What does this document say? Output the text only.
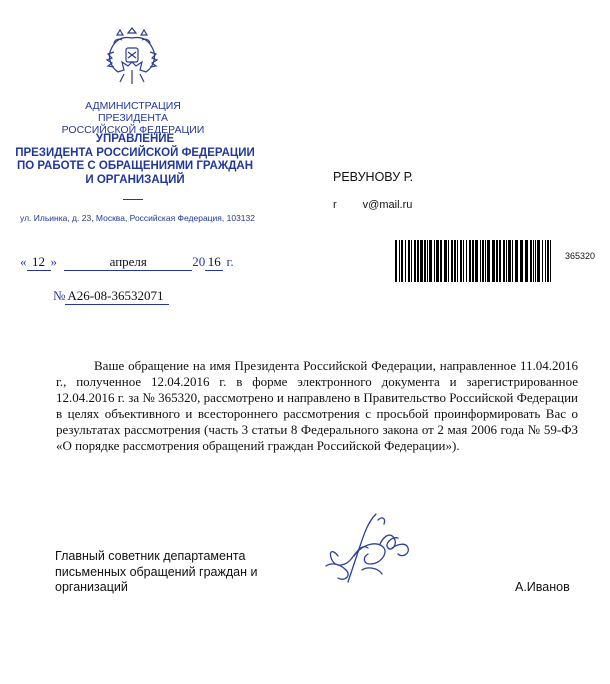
АДМИНИСТРАЦИЯ ПРЕЗИДЕНТА
РОССИЙСКОЙ ФЕДЕРАЦИИ
УПРАВЛЕНИЕ
ПРЕЗИДЕНТА РОССИЙСКОЙ ФЕДЕРАЦИИ
ПО РАБОТЕ С ОБРАЩЕНИЯМИ ГРАЖДАН
И ОРГАНИЗАЦИЙ
ул. Ильинка, д. 23, Москва, Российская Федерация, 103132
РЕВУНОВУ Р.
r v@mail.ru
« 12 »	апреля	20 16 г.
№ А26-08-36532071
365320
Ваше обращение на имя Президента Российской Федерации, направленное 11.04.2016 г., полученное 12.04.2016 г. в форме электронного документа и зарегистрированное 12.04.2016 г. за № 365320, рассмотрено и направлено в Правительство Российской Федерации в целях объективного и всестороннего рассмотрения с просьбой проинформировать Вас о результатах рассмотрения (часть 3 статьи 8 Федерального закона от 2 мая 2006 года № 59-ФЗ «О порядке рассмотрения обращений граждан Российской Федерации»).
Главный советник департамента
письменных обращений граждан и
организаций	А.Иванов
